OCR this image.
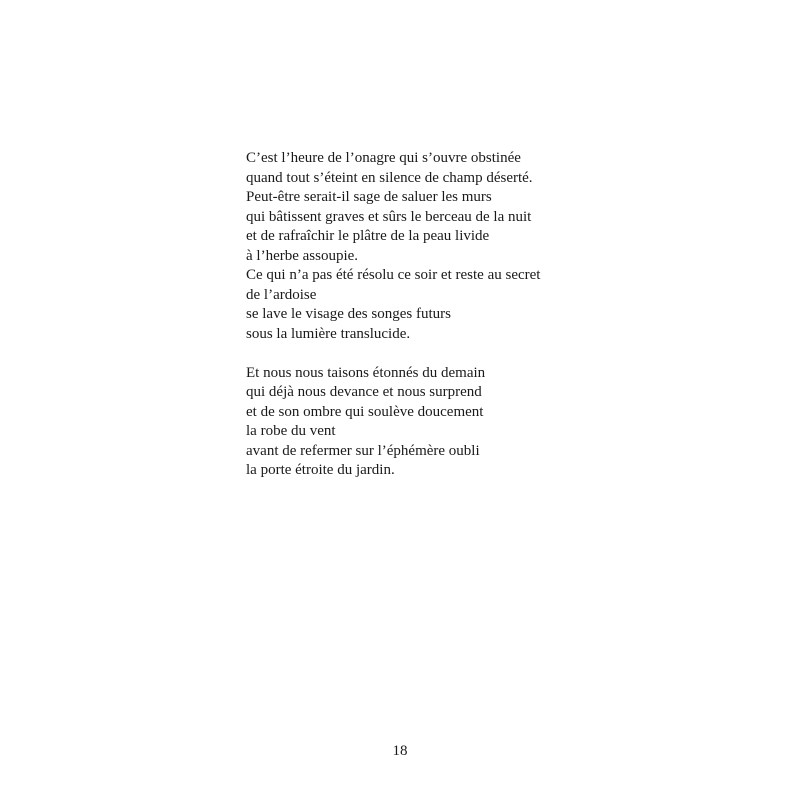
C’est l’heure de l’onagre qui s’ouvre obstinée
quand tout s’éteint en silence de champ déserté.
Peut-être serait-il sage de saluer les murs
qui bâtissent graves et sûrs le berceau de la nuit
et de rafraîchir le plâtre de la peau livide
à l’herbe assoupie.
Ce qui n’a pas été résolu ce soir et reste au secret
de l’ardoise
se lave le visage des songes futurs
sous la lumière translucide.

Et nous nous taisons étonnés du demain
qui déjà nous devance et nous surprend
et de son ombre qui soulève doucement
la robe du vent
avant de refermer sur l’éphémère oubli
la porte étroite du jardin.

18
